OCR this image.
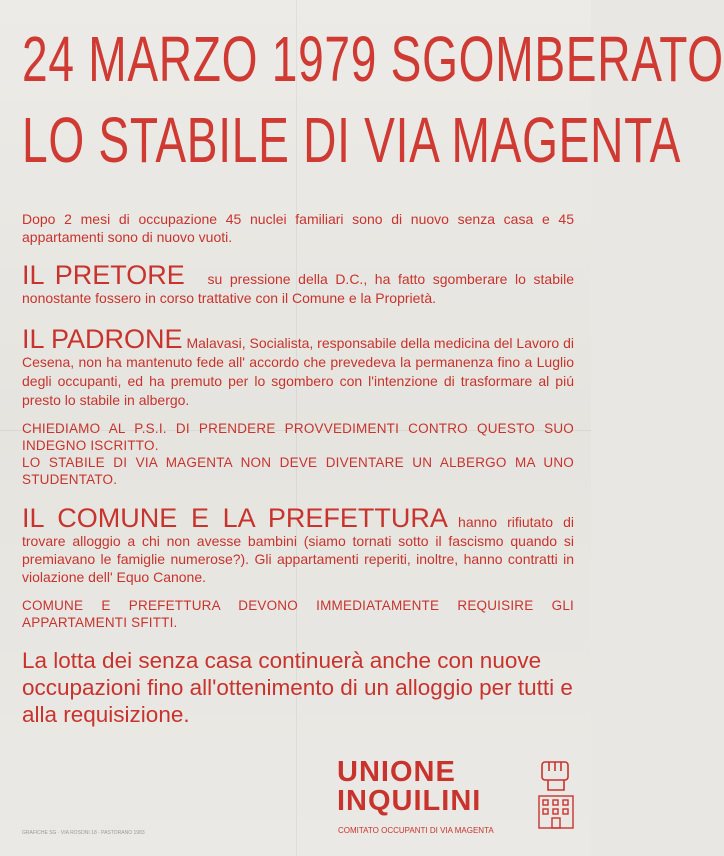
24 MARZO 1979 SGOMBERATO
LO STABILE DI VIA MAGENTA
Dopo 2 mesi di occupazione 45 nuclei familiari sono di nuovo senza casa e 45 appartamenti sono di nuovo vuoti.
IL PRETORE su pressione della D.C., ha fatto sgomberare lo stabile nonostante fossero in corso trattative con il Comune e la Proprietà.
IL PADRONE Malavasi, Socialista, responsabile della medicina del Lavoro di Cesena, non ha mantenuto fede all' accordo che prevedeva la permanenza fino a Luglio degli occupanti, ed ha premuto per lo sgombero con l'intenzione di trasformare al piú presto lo stabile in albergo.
CHIEDIAMO AL P.S.I. DI PRENDERE PROVVEDIMENTI CONTRO QUESTO SUO INDEGNO ISCRITTO.
LO STABILE DI VIA MAGENTA NON DEVE DIVENTARE UN ALBERGO MA UNO STUDENTATO.
IL COMUNE E LA PREFETTURA hanno rifiutato di trovare alloggio a chi non avesse bambini (siamo tornati sotto il fascismo quando si premiavano le famiglie numerose?). Gli appartamenti reperiti, inoltre, hanno contratti in violazione dell' Equo Canone.
COMUNE E PREFETTURA DEVONO IMMEDIATAMENTE REQUISIRE GLI APPARTAMENTI SFITTI.
La lotta dei senza casa continuerà anche con nuove occupazioni fino all'ottenimento di un alloggio per tutti e alla requisizione.
UNIONE
INQUILINI
COMITATO OCCUPANTI DI VIA MAGENTA
GRAFICHE SG · VIA ROSONI 18 · PASTORANO 1983
